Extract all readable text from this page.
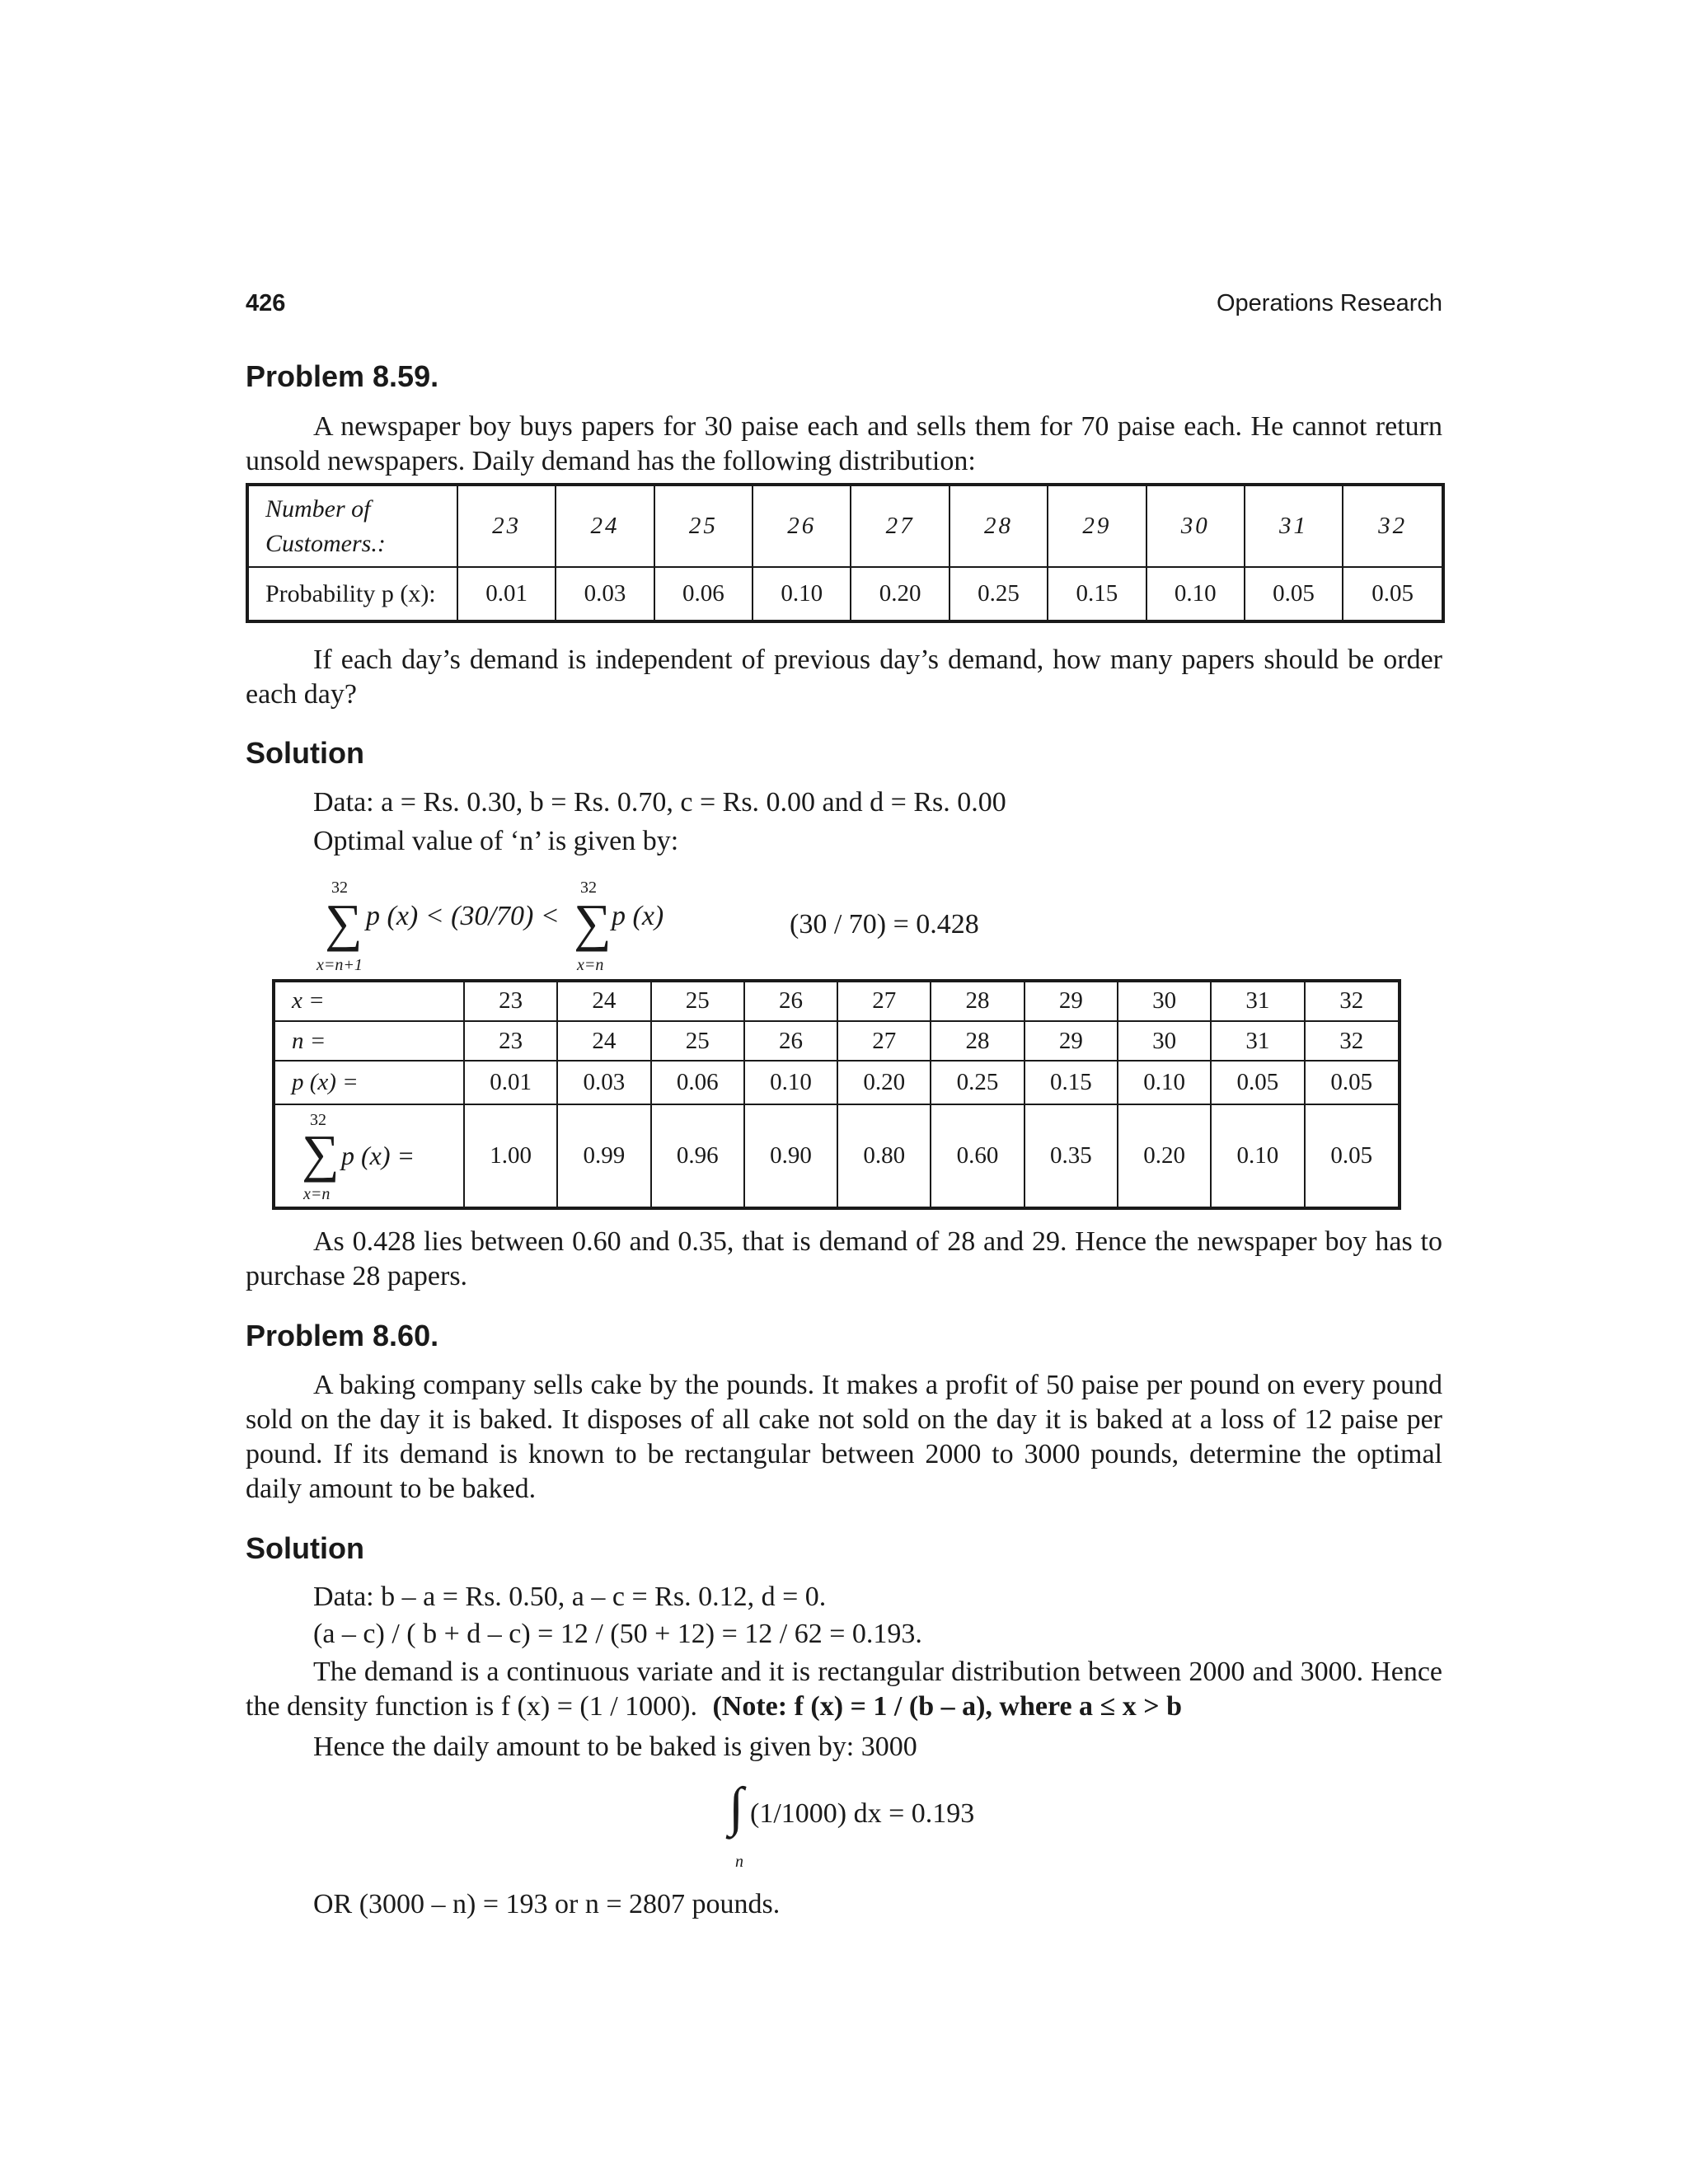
426	Operations Research
Problem 8.59.
A newspaper boy buys papers for 30 paise each and sells them for 70 paise each. He cannot return unsold newspapers. Daily demand has the following distribution:
Number of
Customers.:	23	24	25	26	27	28	29	30	31	32
Probability p (x):	0.01	0.03	0.06	0.10	0.20	0.25	0.15	0.10	0.05	0.05
If each day’s demand is independent of previous day’s demand, how many papers should be order each day?
Solution
Data: a = Rs. 0.30, b = Rs. 0.70, c = Rs. 0.00 and d = Rs. 0.00
Optimal value of ‘n’ is given by:
32
∑
x=n+1
p (x) < (30/70) <
32
∑
x=n
p (x)	(30 / 70) = 0.428
x =	23	24	25	26	27	28	29	30	31	32
n =	23	24	25	26	27	28	29	30	31	32
p (x) =	0.01	0.03	0.06	0.10	0.20	0.25	0.15	0.10	0.05	0.05

32
∑ p (x) =
x=n	1.00	0.99	0.96	0.90	0.80	0.60	0.35	0.20	0.10	0.05
As 0.428 lies between 0.60 and 0.35, that is demand of 28 and 29. Hence the newspaper boy has to purchase 28 papers.
Problem 8.60.
A baking company sells cake by the pounds. It makes a profit of 50 paise per pound on every pound sold on the day it is baked. It disposes of all cake not sold on the day it is baked at a loss of 12 paise per pound. If its demand is known to be rectangular between 2000 to 3000 pounds, determine the optimal daily amount to be baked.
Solution
Data: b – a = Rs. 0.50, a – c = Rs. 0.12, d = 0.
(a – c) / ( b + d – c) = 12 / (50 + 12) = 12 / 62 = 0.193.
The demand is a continuous variate and it is rectangular distribution between 2000 and 3000. Hence the density function is f (x) = (1 / 1000). (Note: f (x) = 1 / (b – a), where a ≤ x > b
Hence the daily amount to be baked is given by: 3000
∫ (1/1000) dx = 0.193
n
OR (3000 – n) = 193 or n = 2807 pounds.
